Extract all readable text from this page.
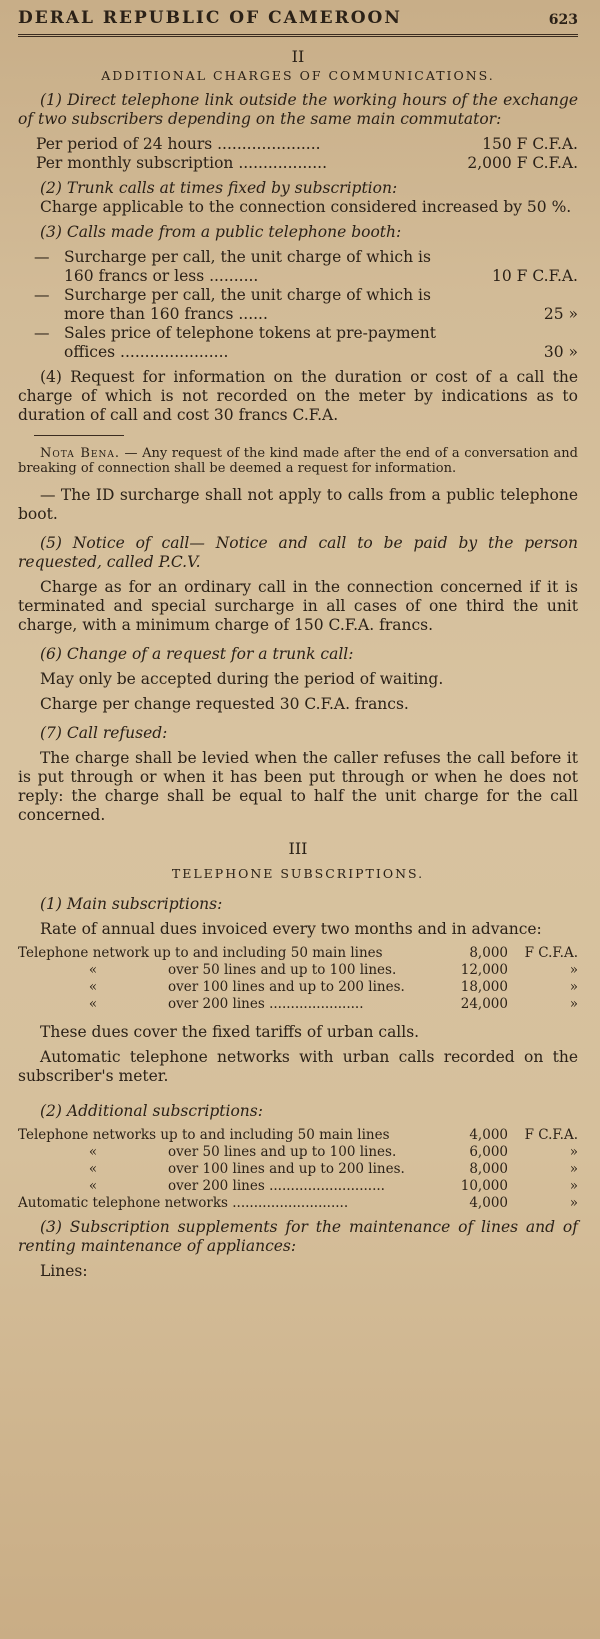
DERAL REPUBLIC OF CAMEROON	623
II
ADDITIONAL CHARGES OF COMMUNICATIONS.

(1) Direct telephone link outside the working hours of the exchange of two subscribers depending on the same main commutator:

Per period of 24 hours .....................	150 F C.F.A.
Per monthly subscription ..................	2,000 F C.F.A.

(2) Trunk calls at times fixed by subscription:

Charge applicable to the connection considered increased by 50 %.

(3) Calls made from a public telephone booth:

— Surcharge per call, the unit charge of which is 160 francs or less ..........	10 F C.F.A.
— Surcharge per call, the unit charge of which is more than 160 francs ......	25 »
— Sales price of telephone tokens at pre-payment offices ......................	30 »

(4) Request for information on the duration or cost of a call the charge of which is not recorded on the meter by indications as to duration of call and cost 30 francs C.F.A.

Nota Bena. — Any request of the kind made after the end of a conversation and breaking of connection shall be deemed a request for information.

— The ID surcharge shall not apply to calls from a public telephone boot.

(5) Notice of call— Notice and call to be paid by the person requested, called P.C.V.

Charge as for an ordinary call in the connection concerned if it is terminated and special surcharge in all cases of one third the unit charge, with a minimum charge of 150 C.F.A. francs.

(6) Change of a request for a trunk call:

May only be accepted during the period of waiting.

Charge per change requested 30 C.F.A. francs.

(7) Call refused:

The charge shall be levied when the caller refuses the call before it is put through or when it has been put through or when he does not reply: the charge shall be equal to half the unit charge for the call concerned.

III
TELEPHONE SUBSCRIPTIONS.

(1) Main subscriptions:

Rate of annual dues invoiced every two months and in advance:

Telephone network up to and including 50 main lines	8,000	F C.F.A.
«	over 50 lines and up to 100 lines.	12,000	»
«	over 100 lines and up to 200 lines.	18,000	»
«	over 200 lines ......................	24,000	»

These dues cover the fixed tariffs of urban calls.

Automatic telephone networks with urban calls recorded on the subscriber's meter.

(2) Additional subscriptions:

Telephone networks up to and including 50 main lines	4,000	F C.F.A.
«	over 50 lines and up to 100 lines.	6,000	»
«	over 100 lines and up to 200 lines.	8,000	»
«	over 200 lines ...........................	10,000	»
Automatic telephone networks ...........................	4,000	»

(3) Subscription supplements for the maintenance of lines and of renting maintenance of appliances:

Lines:
